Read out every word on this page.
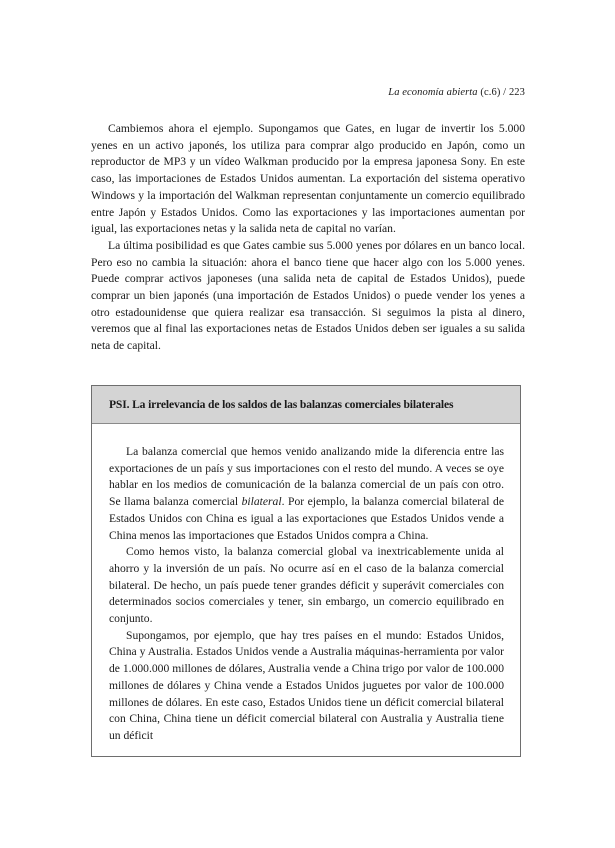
La economía abierta (c.6) / 223

Cambiemos ahora el ejemplo. Supongamos que Gates, en lugar de invertir los 5.000 yenes en un activo japonés, los utiliza para comprar algo producido en Japón, como un reproductor de MP3 y un vídeo Walkman producido por la empresa japonesa Sony. En este caso, las importaciones de Estados Unidos aumentan. La exportación del sistema operativo Windows y la importación del Walkman representan conjuntamente un comercio equilibrado entre Japón y Estados Unidos. Como las exportaciones y las importaciones aumentan por igual, las exportaciones netas y la salida neta de capital no varían.

La última posibilidad es que Gates cambie sus 5.000 yenes por dólares en un banco local. Pero eso no cambia la situación: ahora el banco tiene que hacer algo con los 5.000 yenes. Puede comprar activos japoneses (una salida neta de capital de Estados Unidos), puede comprar un bien japonés (una importación de Estados Unidos) o puede vender los yenes a otro estadounidense que quiera realizar esa transacción. Si seguimos la pista al dinero, veremos que al final las exportaciones netas de Estados Unidos deben ser iguales a su salida neta de capital.

PSI. La irrelevancia de los saldos de las balanzas comerciales bilaterales

La balanza comercial que hemos venido analizando mide la diferencia entre las exportaciones de un país y sus importaciones con el resto del mundo. A veces se oye hablar en los medios de comunicación de la balanza comercial de un país con otro. Se llama balanza comercial bilateral. Por ejemplo, la balanza comercial bilateral de Estados Unidos con China es igual a las exportaciones que Estados Unidos vende a China menos las importaciones que Estados Unidos compra a China.

Como hemos visto, la balanza comercial global va inextricablemente unida al ahorro y la inversión de un país. No ocurre así en el caso de la balanza comercial bilateral. De hecho, un país puede tener grandes déficit y superávit comerciales con determinados socios comerciales y tener, sin embargo, un comercio equilibrado en conjunto.

Supongamos, por ejemplo, que hay tres países en el mundo: Estados Unidos, China y Australia. Estados Unidos vende a Australia máquinas-herramienta por valor de 1.000.000 millones de dólares, Australia vende a China trigo por valor de 100.000 millones de dólares y China vende a Estados Unidos juguetes por valor de 100.000 millones de dólares. En este caso, Estados Unidos tiene un déficit comercial bilateral con China, China tiene un déficit comercial bilateral con Australia y Australia tiene un déficit
